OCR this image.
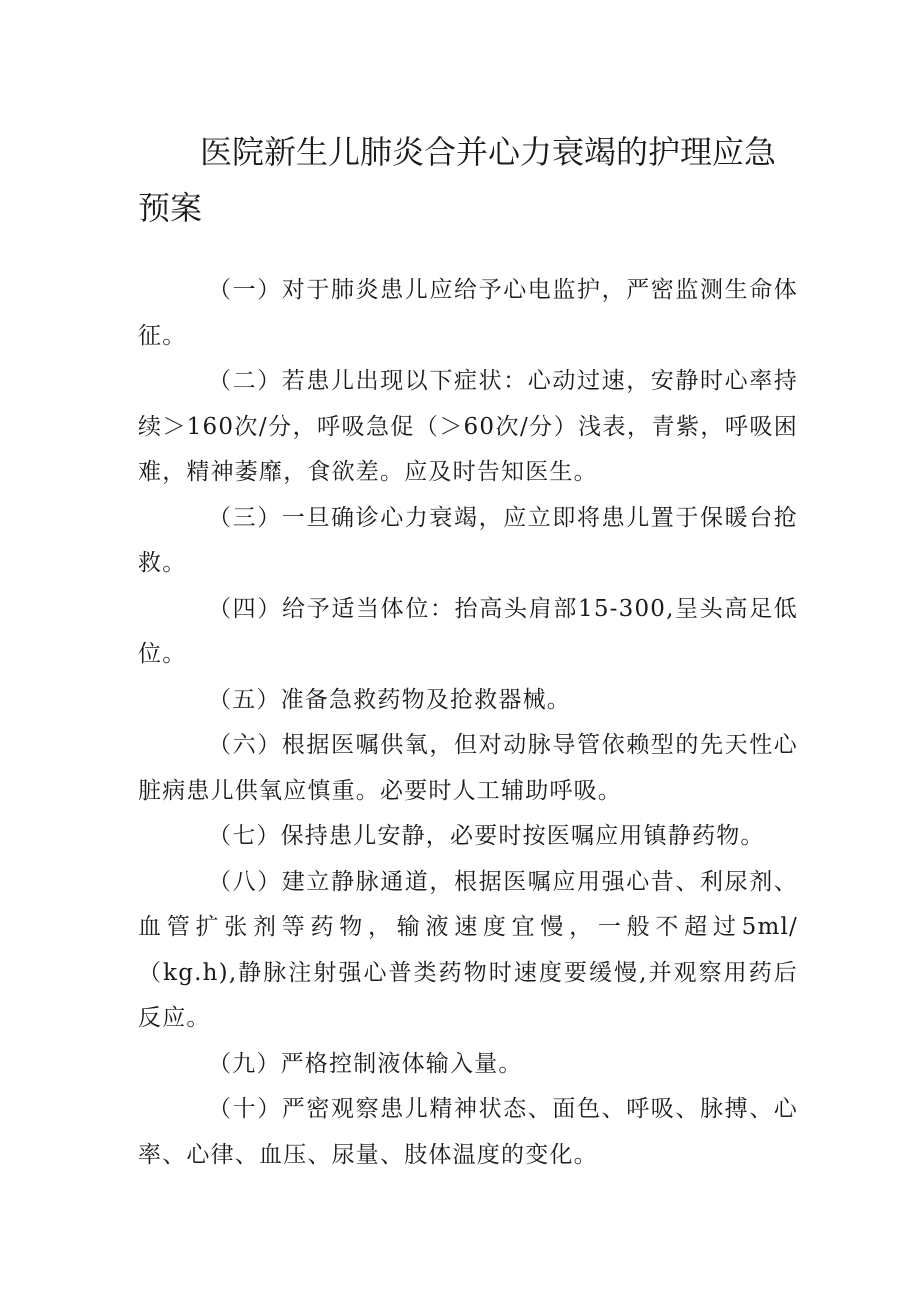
医院新生儿肺炎合并心力衰竭的护理应急预案

（一）对于肺炎患儿应给予心电监护，严密监测生命体征。

（二）若患儿出现以下症状：心动过速，安静时心率持续＞160次/分，呼吸急促（＞60次/分）浅表，青紫，呼吸困难，精神萎靡，食欲差。应及时告知医生。

（三）一旦确诊心力衰竭，应立即将患儿置于保暖台抢救。

（四）给予适当体位：抬高头肩部15-300,呈头高足低位。

（五）准备急救药物及抢救器械。

（六）根据医嘱供氧，但对动脉导管依赖型的先天性心脏病患儿供氧应慎重。必要时人工辅助呼吸。

（七）保持患儿安静，必要时按医嘱应用镇静药物。

（八）建立静脉通道，根据医嘱应用强心昔、利尿剂、血管扩张剂等药物，输液速度宜慢，一般不超过5ml/（kg.h),静脉注射强心普类药物时速度要缓慢,并观察用药后反应。

（九）严格控制液体输入量。

（十）严密观察患儿精神状态、面色、呼吸、脉搏、心率、心律、血压、尿量、肢体温度的变化。
